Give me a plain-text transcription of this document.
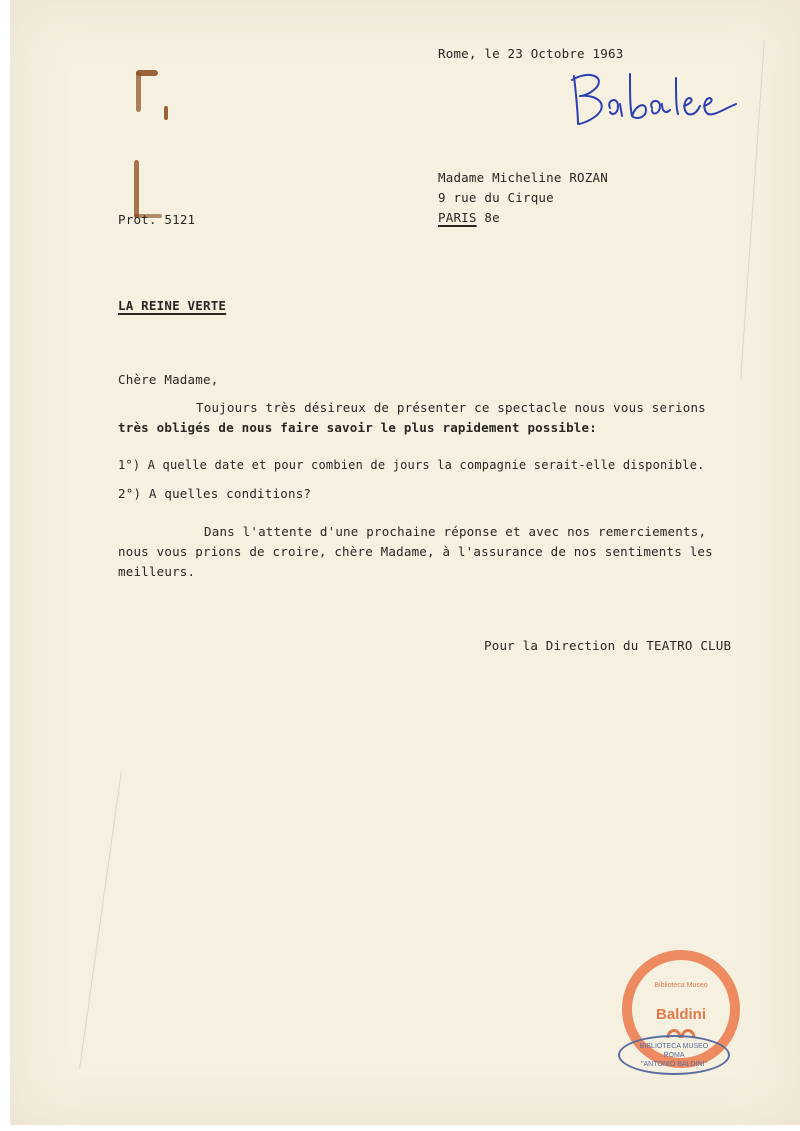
Rome, le 23 Octobre 1963
Madame Micheline ROZAN
9 rue du Cirque
PARIS 8e
Prot. 5121
LA REINE VERTE
Chère Madame,
Toujours très désireux de présenter ce spectacle nous vous serions
très obligés de nous faire savoir le plus rapidement possible:
1°) A quelle date et pour combien de jours la compagnie serait-elle disponible.
2°) A quelles conditions?
Dans l'attente d'une prochaine réponse et avec nos remerciements,
nous vous prions de croire, chère Madame, à l'assurance de nos sentiments les
meilleurs.
Pour la Direction du TEATRO CLUB
Biblioteca Museo
Baldini
BIBLIOTECA MUSEO
ROMA
"ANTONIO BALDINI"
